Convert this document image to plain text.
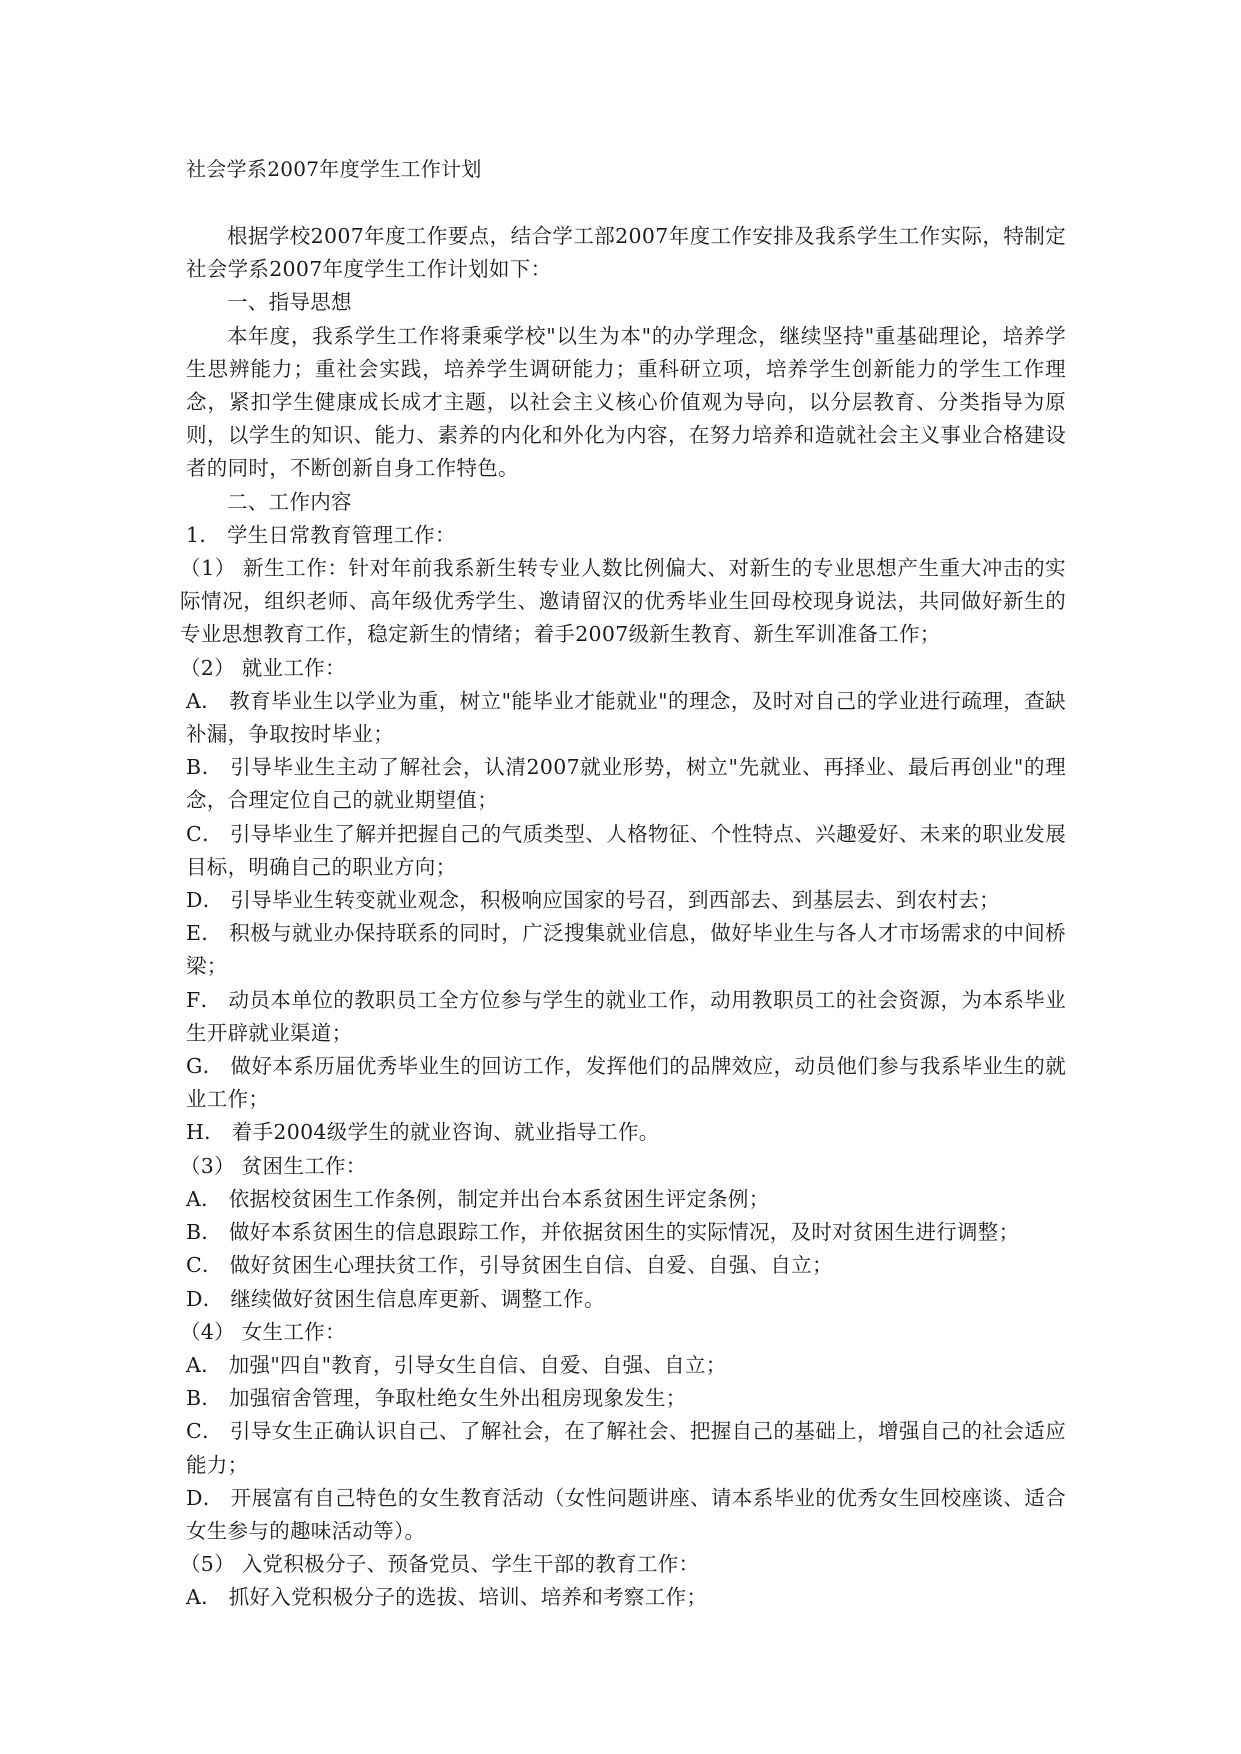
社会学系2007年度学生工作计划

根据学校2007年度工作要点，结合学工部2007年度工作安排及我系学生工作实际，特制定社会学系2007年度学生工作计划如下：

一、指导思想

本年度，我系学生工作将秉乘学校"以生为本"的办学理念，继续坚持"重基础理论，培养学生思辨能力；重社会实践，培养学生调研能力；重科研立项，培养学生创新能力的学生工作理念，紧扣学生健康成长成才主题，以社会主义核心价值观为导向，以分层教育、分类指导为原则，以学生的知识、能力、素养的内化和外化为内容，在努力培养和造就社会主义事业合格建设者的同时，不断创新自身工作特色。

二、工作内容

1． 学生日常教育管理工作：

（1） 新生工作：针对年前我系新生转专业人数比例偏大、对新生的专业思想产生重大冲击的实际情况，组织老师、高年级优秀学生、邀请留汉的优秀毕业生回母校现身说法，共同做好新生的专业思想教育工作，稳定新生的情绪；着手2007级新生教育、新生军训准备工作；

（2） 就业工作：

A． 教育毕业生以学业为重，树立"能毕业才能就业"的理念，及时对自己的学业进行疏理，查缺补漏，争取按时毕业；

B． 引导毕业生主动了解社会，认清2007就业形势，树立"先就业、再择业、最后再创业"的理念，合理定位自己的就业期望值；

C． 引导毕业生了解并把握自己的气质类型、人格物征、个性特点、兴趣爱好、未来的职业发展目标，明确自己的职业方向；

D． 引导毕业生转变就业观念，积极响应国家的号召，到西部去、到基层去、到农村去；

E． 积极与就业办保持联系的同时，广泛搜集就业信息，做好毕业生与各人才市场需求的中间桥梁；

F． 动员本单位的教职员工全方位参与学生的就业工作，动用教职员工的社会资源，为本系毕业生开辟就业渠道；

G． 做好本系历届优秀毕业生的回访工作，发挥他们的品牌效应，动员他们参与我系毕业生的就业工作；

H． 着手2004级学生的就业咨询、就业指导工作。

（3） 贫困生工作：

A． 依据校贫困生工作条例，制定并出台本系贫困生评定条例；

B． 做好本系贫困生的信息跟踪工作，并依据贫困生的实际情况，及时对贫困生进行调整；

C． 做好贫困生心理扶贫工作，引导贫困生自信、自爱、自强、自立；

D． 继续做好贫困生信息库更新、调整工作。

（4） 女生工作：

A． 加强"四自"教育，引导女生自信、自爱、自强、自立；

B． 加强宿舍管理，争取杜绝女生外出租房现象发生；

C． 引导女生正确认识自己、了解社会，在了解社会、把握自己的基础上，增强自己的社会适应能力；

D． 开展富有自己特色的女生教育活动（女性问题讲座、请本系毕业的优秀女生回校座谈、适合女生参与的趣味活动等）。

（5） 入党积极分子、预备党员、学生干部的教育工作：

A． 抓好入党积极分子的选拔、培训、培养和考察工作；
